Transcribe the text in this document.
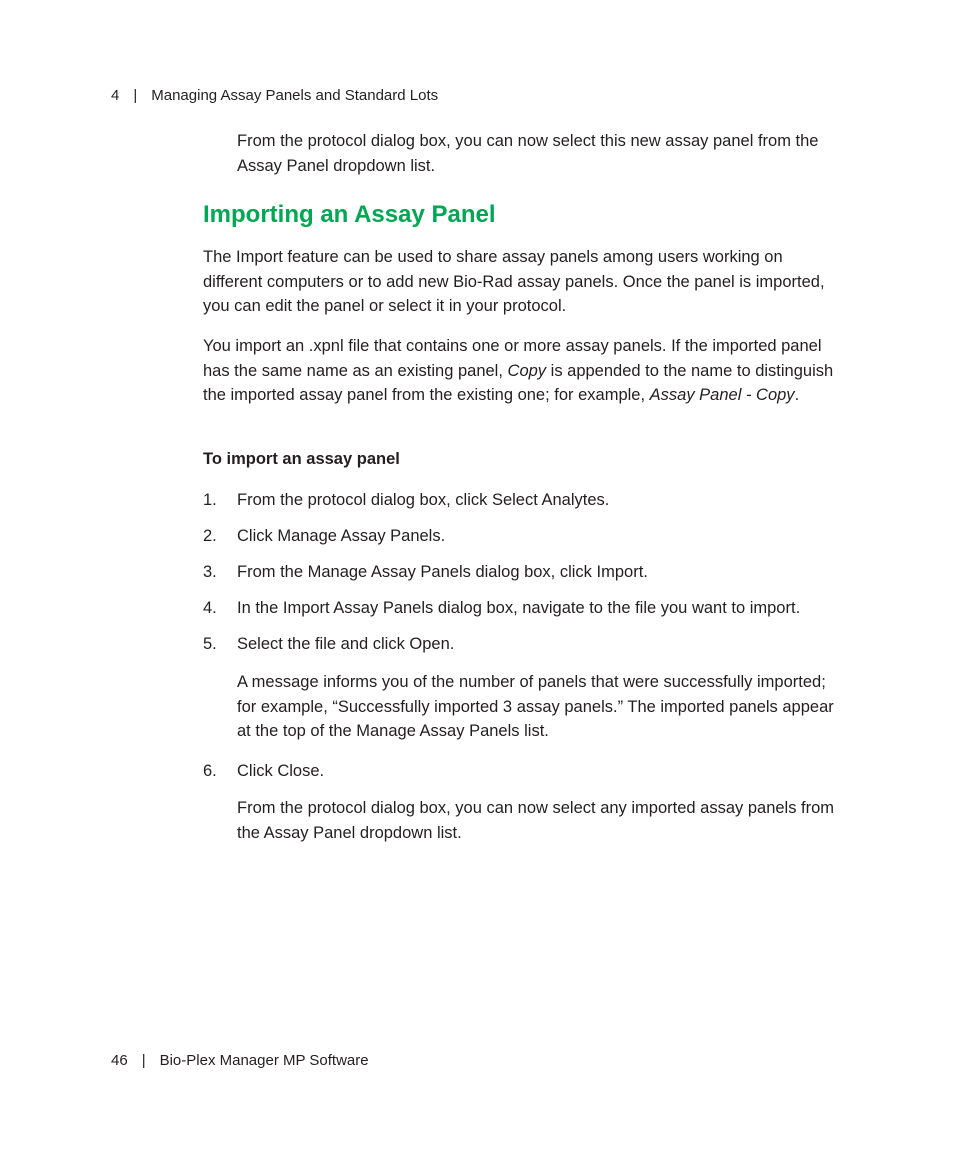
4 | Managing Assay Panels and Standard Lots

From the protocol dialog box, you can now select this new assay panel from the Assay Panel dropdown list.

Importing an Assay Panel

The Import feature can be used to share assay panels among users working on different computers or to add new Bio-Rad assay panels. Once the panel is imported, you can edit the panel or select it in your protocol.

You import an .xpnl file that contains one or more assay panels. If the imported panel has the same name as an existing panel, Copy is appended to the name to distinguish the imported assay panel from the existing one; for example, Assay Panel - Copy.

To import an assay panel

1. From the protocol dialog box, click Select Analytes.

2. Click Manage Assay Panels.

3. From the Manage Assay Panels dialog box, click Import.

4. In the Import Assay Panels dialog box, navigate to the file you want to import.

5. Select the file and click Open.

A message informs you of the number of panels that were successfully imported; for example, “Successfully imported 3 assay panels.” The imported panels appear at the top of the Manage Assay Panels list.

6. Click Close.

From the protocol dialog box, you can now select any imported assay panels from the Assay Panel dropdown list.

46 | Bio-Plex Manager MP Software
